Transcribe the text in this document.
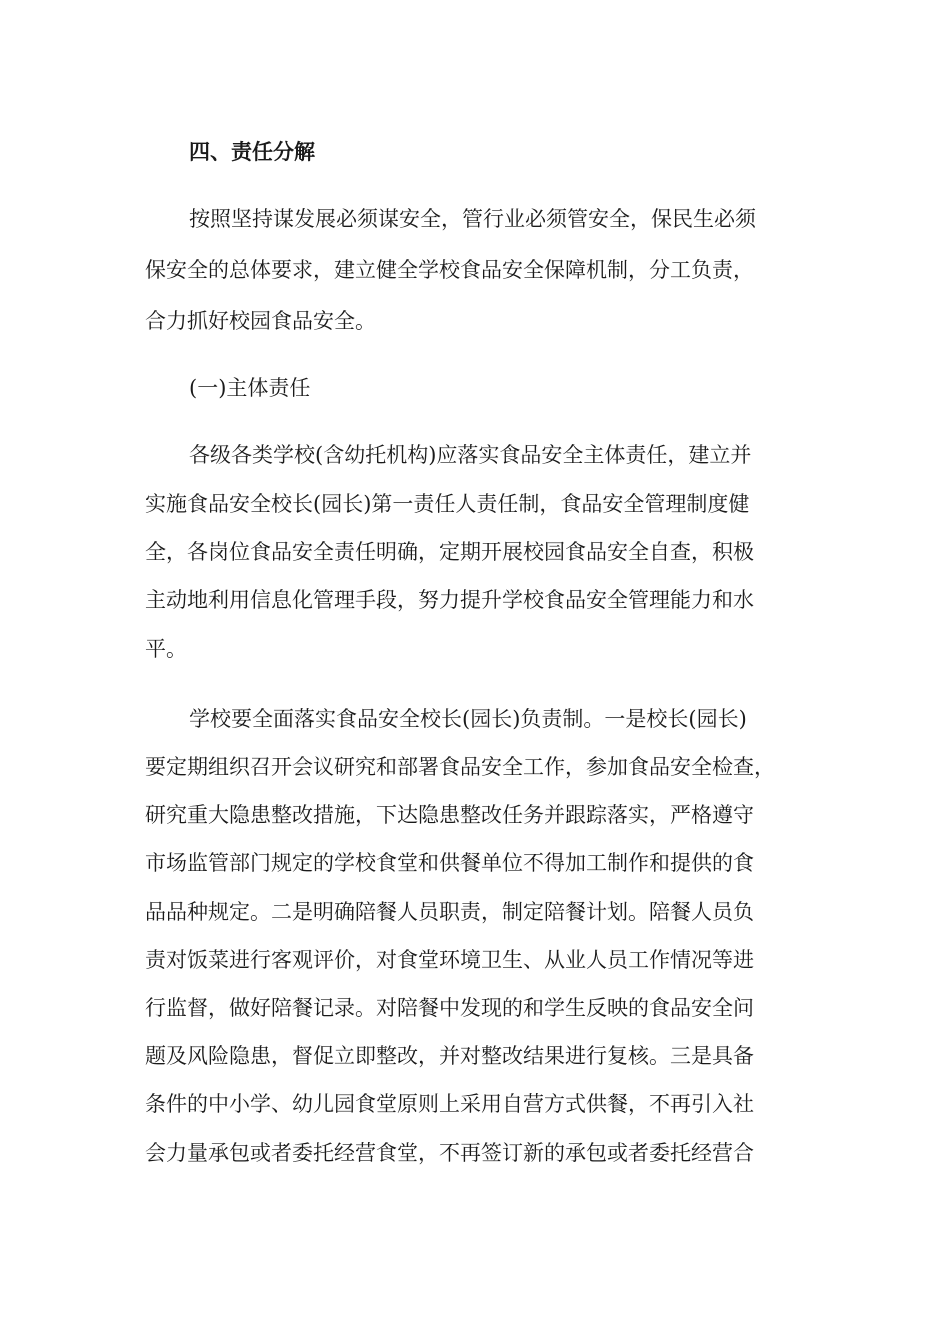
四、责任分解
按照坚持谋发展必须谋安全，管行业必须管安全，保民生必须
保安全的总体要求，建立健全学校食品安全保障机制，分工负责，
合力抓好校园食品安全。
(一)主体责任
各级各类学校(含幼托机构)应落实食品安全主体责任，建立并
实施食品安全校长(园长)第一责任人责任制，食品安全管理制度健
全，各岗位食品安全责任明确，定期开展校园食品安全自查，积极
主动地利用信息化管理手段，努力提升学校食品安全管理能力和水
平。
学校要全面落实食品安全校长(园长)负责制。一是校长(园长)
要定期组织召开会议研究和部署食品安全工作，参加食品安全检查，
研究重大隐患整改措施，下达隐患整改任务并跟踪落实，严格遵守
市场监管部门规定的学校食堂和供餐单位不得加工制作和提供的食
品品种规定。二是明确陪餐人员职责，制定陪餐计划。陪餐人员负
责对饭菜进行客观评价，对食堂环境卫生、从业人员工作情况等进
行监督，做好陪餐记录。对陪餐中发现的和学生反映的食品安全问
题及风险隐患，督促立即整改，并对整改结果进行复核。三是具备
条件的中小学、幼儿园食堂原则上采用自营方式供餐，不再引入社
会力量承包或者委托经营食堂，不再签订新的承包或者委托经营合
